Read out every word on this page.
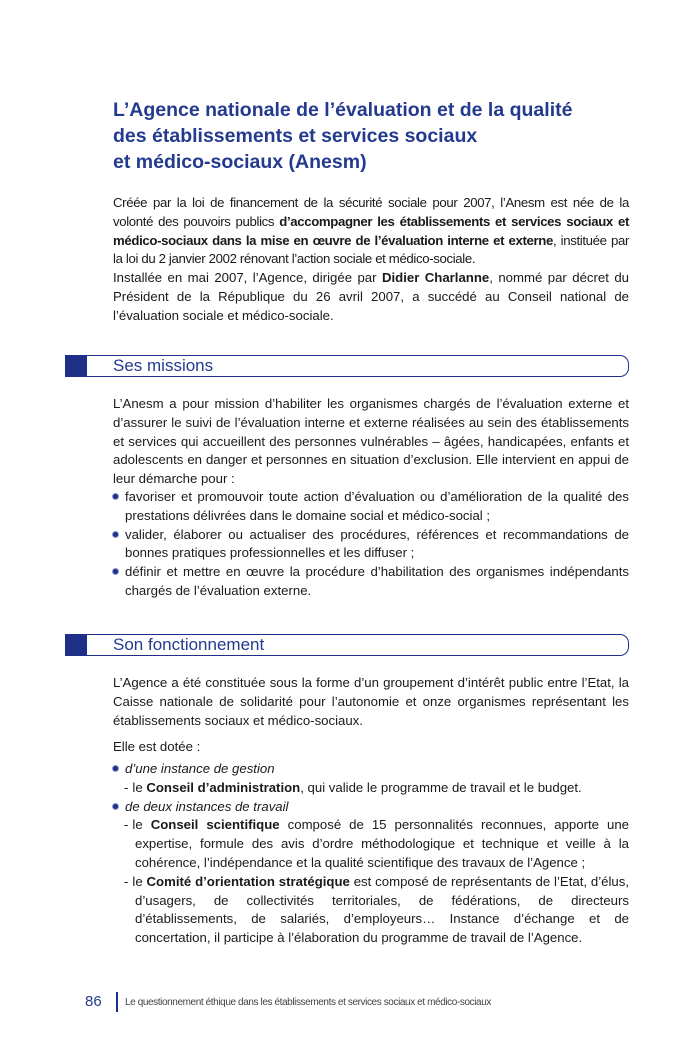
L’Agence nationale de l’évaluation et de la qualité
des établissements et services sociaux
et médico-sociaux (Anesm)

Créée par la loi de financement de la sécurité sociale pour 2007, l’Anesm est née de la volonté des pouvoirs publics d’accompagner les établissements et services sociaux et médico-sociaux dans la mise en œuvre de l’évaluation interne et externe, instituée par la loi du 2 janvier 2002 rénovant l’action sociale et médico-sociale.

Installée en mai 2007, l’Agence, dirigée par Didier Charlanne, nommé par décret du Président de la République du 26 avril 2007, a succédé au Conseil national de l’évaluation sociale et médico-sociale.

Ses missions

L’Anesm a pour mission d’habiliter les organismes chargés de l’évaluation externe et d’assurer le suivi de l’évaluation interne et externe réalisées au sein des établissements et services qui accueillent des personnes vulnérables – âgées, handicapées, enfants et adolescents en danger et personnes en situation d’exclusion. Elle intervient en appui de leur démarche pour :

favoriser et promouvoir toute action d’évaluation ou d’amélioration de la qualité des prestations délivrées dans le domaine social et médico-social ;
valider, élaborer ou actualiser des procédures, références et recommandations de bonnes pratiques professionnelles et les diffuser ;
définir et mettre en œuvre la procédure d’habilitation des organismes indépendants chargés de l’évaluation externe.
Son fonctionnement

L’Agence a été constituée sous la forme d’un groupement d’intérêt public entre l’Etat, la Caisse nationale de solidarité pour l’autonomie et onze organismes représentant les établissements sociaux et médico-sociaux.

Elle est dotée :

d’une instance de gestion
- le Conseil d’administration, qui valide le programme de travail et le budget.
de deux instances de travail
- le Conseil scientifique composé de 15 personnalités reconnues, apporte une expertise, formule des avis d’ordre méthodologique et technique et veille à la cohérence, l’indépendance et la qualité scientifique des travaux de l’Agence ;
- le Comité d’orientation stratégique est composé de représentants de l’Etat, d’élus, d’usagers, de collectivités territoriales, de fédérations, de directeurs d’établissements, de salariés, d’employeurs… Instance d’échange et de concertation, il participe à l’élaboration du programme de travail de l’Agence.
86 Le questionnement éthique dans les établissements et services sociaux et médico-sociaux
